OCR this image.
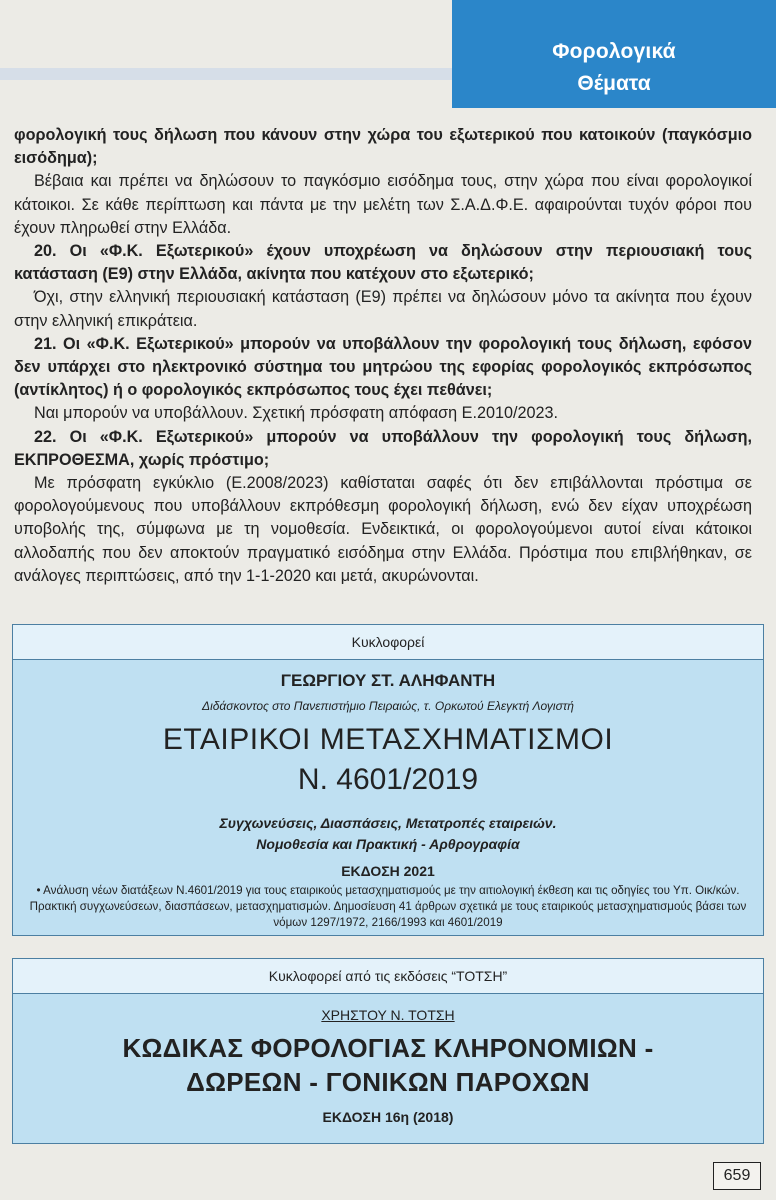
Φορολογικά
Θέματα

φορολογική τους δήλωση που κάνουν στην χώρα του εξωτερικού που κατοικούν (παγκόσμιο εισόδημα);

Βέβαια και πρέπει να δηλώσουν το παγκόσμιο εισόδημα τους, στην χώρα που είναι φορολογικοί κάτοικοι. Σε κάθε περίπτωση και πάντα με την μελέτη των Σ.Α.Δ.Φ.Ε. αφαιρούνται τυχόν φόροι που έχουν πληρωθεί στην Ελλάδα.

20. Οι «Φ.Κ. Εξωτερικού» έχουν υποχρέωση να δηλώσουν στην περιουσιακή τους κατάσταση (Ε9) στην Ελλάδα, ακίνητα που κατέχουν στο εξωτερικό;

Όχι, στην ελληνική περιουσιακή κατάσταση (Ε9) πρέπει να δηλώσουν μόνο τα ακίνητα που έχουν στην ελληνική επικράτεια.

21. Οι «Φ.Κ. Εξωτερικού» μπορούν να υποβάλλουν την φορολογική τους δήλωση, εφόσον δεν υπάρχει στο ηλεκτρονικό σύστημα του μητρώου της εφορίας φορολογικός εκπρόσωπος (αντίκλητος) ή ο φορολογικός εκπρόσωπος τους έχει πεθάνει;

Ναι μπορούν να υποβάλλουν. Σχετική πρόσφατη απόφαση Ε.2010/2023.

22. Οι «Φ.Κ. Εξωτερικού» μπορούν να υποβάλλουν την φορολογική τους δήλωση, ΕΚΠΡΟΘΕΣΜΑ, χωρίς πρόστιμο;

Με πρόσφατη εγκύκλιο (Ε.2008/2023) καθίσταται σαφές ότι δεν επιβάλλονται πρόστιμα σε φορολογούμενους που υποβάλλουν εκπρόθεσμη φορολογική δήλωση, ενώ δεν είχαν υποχρέωση υποβολής της, σύμφωνα με τη νομοθεσία. Ενδεικτικά, οι φορολογούμενοι αυτοί είναι κάτοικοι αλλοδαπής που δεν αποκτούν πραγματικό εισόδημα στην Ελλάδα. Πρόστιμα που επιβλήθηκαν, σε ανάλογες περιπτώσεις, από την 1-1-2020 και μετά, ακυρώνονται.

Κυκλοφορεί
ΓΕΩΡΓΙΟΥ ΣΤ. ΑΛΗΦΑΝΤΗ
Διδάσκοντος στο Πανεπιστήμιο Πειραιώς, τ. Ορκωτού Ελεγκτή Λογιστή
ΕΤΑΙΡΙΚΟΙ ΜΕΤΑΣΧΗΜΑΤΙΣΜΟΙ
Ν. 4601/2019
Συγχωνεύσεις, Διασπάσεις, Μετατροπές εταιρειών.
Νομοθεσία και Πρακτική - Αρθρογραφία
ΕΚΔΟΣΗ 2021
• Ανάλυση νέων διατάξεων Ν.4601/2019 για τους εταιρικούς μετασχηματισμούς με την αιτιολογική έκθεση και τις οδηγίες του Υπ. Οικ/κών. Πρακτική συγχωνεύσεων, διασπάσεων, μετασχηματισμών. Δημοσίευση 41 άρθρων σχετικά με τους εταιρικούς μετασχηματισμούς βάσει των νόμων 1297/1972, 2166/1993 και 4601/2019
Κυκλοφορεί από τις εκδόσεις “ΤΟΤΣΗ”
ΧΡΗΣΤΟΥ Ν. ΤΟΤΣΗ
ΚΩΔΙΚΑΣ ΦΟΡΟΛΟΓΙΑΣ ΚΛΗΡΟΝΟΜΙΩΝ -
ΔΩΡΕΩΝ - ΓΟΝΙΚΩΝ ΠΑΡΟΧΩΝ
ΕΚΔΟΣΗ 16η (2018)
659
